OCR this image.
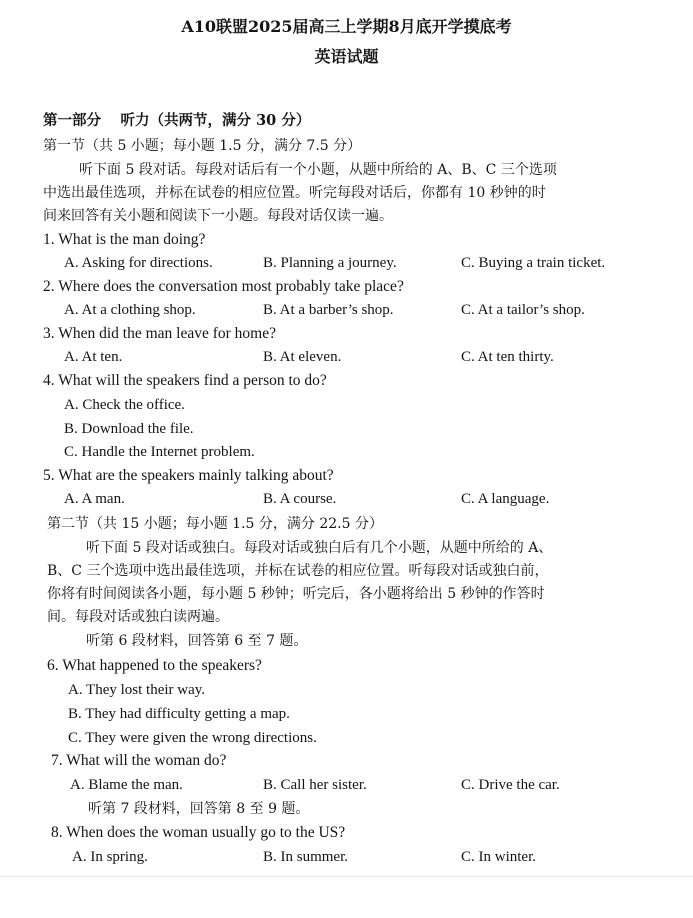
A10联盟2025届高三上学期8月底开学摸底考
英语试题
第一部分　 听力（共两节，满分 30 分）
第一节（共 5 小题；每小题 1.5 分，满分 7.5 分）
听下面 5 段对话。每段对话后有一个小题，从题中所给的 A、B、C 三个选项
中选出最佳选项，并标在试卷的相应位置。听完每段对话后，你都有 10 秒钟的时
间来回答有关小题和阅读下一小题。每段对话仅读一遍。
1. What is the man doing?
A. Asking for directions.	B. Planning a journey.	C. Buying a train ticket.
2. Where does the conversation most probably take place?
A. At a clothing shop.	B. At a barber’s shop.	C. At a tailor’s shop.
3. When did the man leave for home?
A. At ten.	B. At eleven.	C. At ten thirty.
4. What will the speakers find a person to do?
A. Check the office.
B. Download the file.
C. Handle the Internet problem.
5. What are the speakers mainly talking about?
A. A man.	B. A course.	C. A language.
第二节（共 15 小题；每小题 1.5 分，满分 22.5 分）
听下面 5 段对话或独白。每段对话或独白后有几个小题，从题中所给的 A、
B、C 三个选项中选出最佳选项，并标在试卷的相应位置。听每段对话或独白前，
你将有时间阅读各小题，每小题 5 秒钟；听完后，各小题将给出 5 秒钟的作答时
间。每段对话或独白读两遍。
听第 6 段材料，回答第 6 至 7 题。
6. What happened to the speakers?
A. They lost their way.
B. They had difficulty getting a map.
C. They were given the wrong directions.
7. What will the woman do?
A. Blame the man.	B. Call her sister.	C. Drive the car.
听第 7 段材料，回答第 8 至 9 题。
8. When does the woman usually go to the US?
A. In spring.	B. In summer.	C. In winter.
